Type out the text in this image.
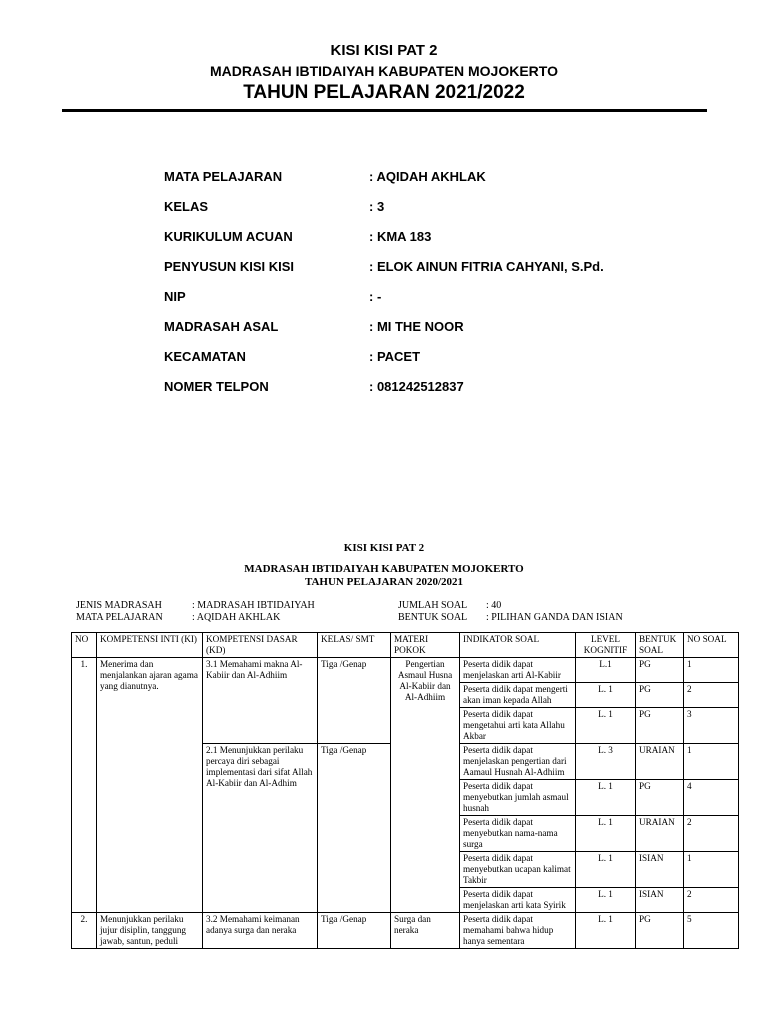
KISI KISI PAT 2
MADRASAH IBTIDAIYAH KABUPATEN MOJOKERTO
TAHUN PELAJARAN 2021/2022
MATA PELAJARAN	: AQIDAH AKHLAK
KELAS	: 3
KURIKULUM ACUAN	: KMA 183
PENYUSUN KISI KISI	: ELOK AINUN FITRIA CAHYANI, S.Pd.
NIP	: -
MADRASAH ASAL	: MI THE NOOR
KECAMATAN	: PACET
NOMER TELPON	: 081242512837
KISI KISI PAT 2
MADRASAH IBTIDAIYAH KABUPATEN MOJOKERTO
TAHUN PELAJARAN 2020/2021
JENIS MADRASAH	: MADRASAH IBTIDAIYAH
MATA PELAJARAN	: AQIDAH AKHLAK
JUMLAH SOAL : 40
BENTUK SOAL : PILIHAN GANDA DAN ISIAN
NO	KOMPETENSI INTI (KI)	KOMPETENSI DASAR (KD)	KELAS/ SMT	MATERI POKOK	INDIKATOR SOAL	LEVEL KOGNITIF	BENTUK SOAL	NO SOAL
1.	Menerima dan menjalankan ajaran agama yang dianutnya.	3.1 Memahami makna Al-Kabiir dan Al-Adhiim	Tiga /Genap	Pengertian Asmaul Husna Al-Kabiir dan Al-Adhiim	Peserta didik dapat menjelaskan arti Al-Kabiir	L.1	PG	1
					Peserta didik dapat mengerti akan iman kepada Allah	L. 1	PG	2
					Peserta didik dapat mengetahui arti kata Allahu Akbar	L. 1	PG	3
		2.1 Menunjukkan perilaku percaya diri sebagai implementasi dari sifat Allah Al-Kabiir dan Al-Adhim	Tiga /Genap		Peserta didik dapat menjelaskan pengertian dari Aamaul Husnah Al-Adhiim	L. 3	URAIAN	1
					Peserta didik dapat menyebutkan jumlah asmaul husnah	L. 1	PG	4
					Peserta didik dapat menyebutkan nama-nama surga	L. 1	URAIAN	2
					Peserta didik dapat menyebutkan ucapan kalimat Takbir	L. 1	ISIAN	1
					Peserta didik dapat menjelaskan arti kata Syirik	L. 1	ISIAN	2
2.	Menunjukkan perilaku jujur disiplin, tanggung jawab, santun, peduli	3.2 Memahami keimanan adanya surga dan neraka	Tiga /Genap	Surga dan neraka	Peserta didik dapat memahami bahwa hidup hanya sementara	L. 1	PG	5
